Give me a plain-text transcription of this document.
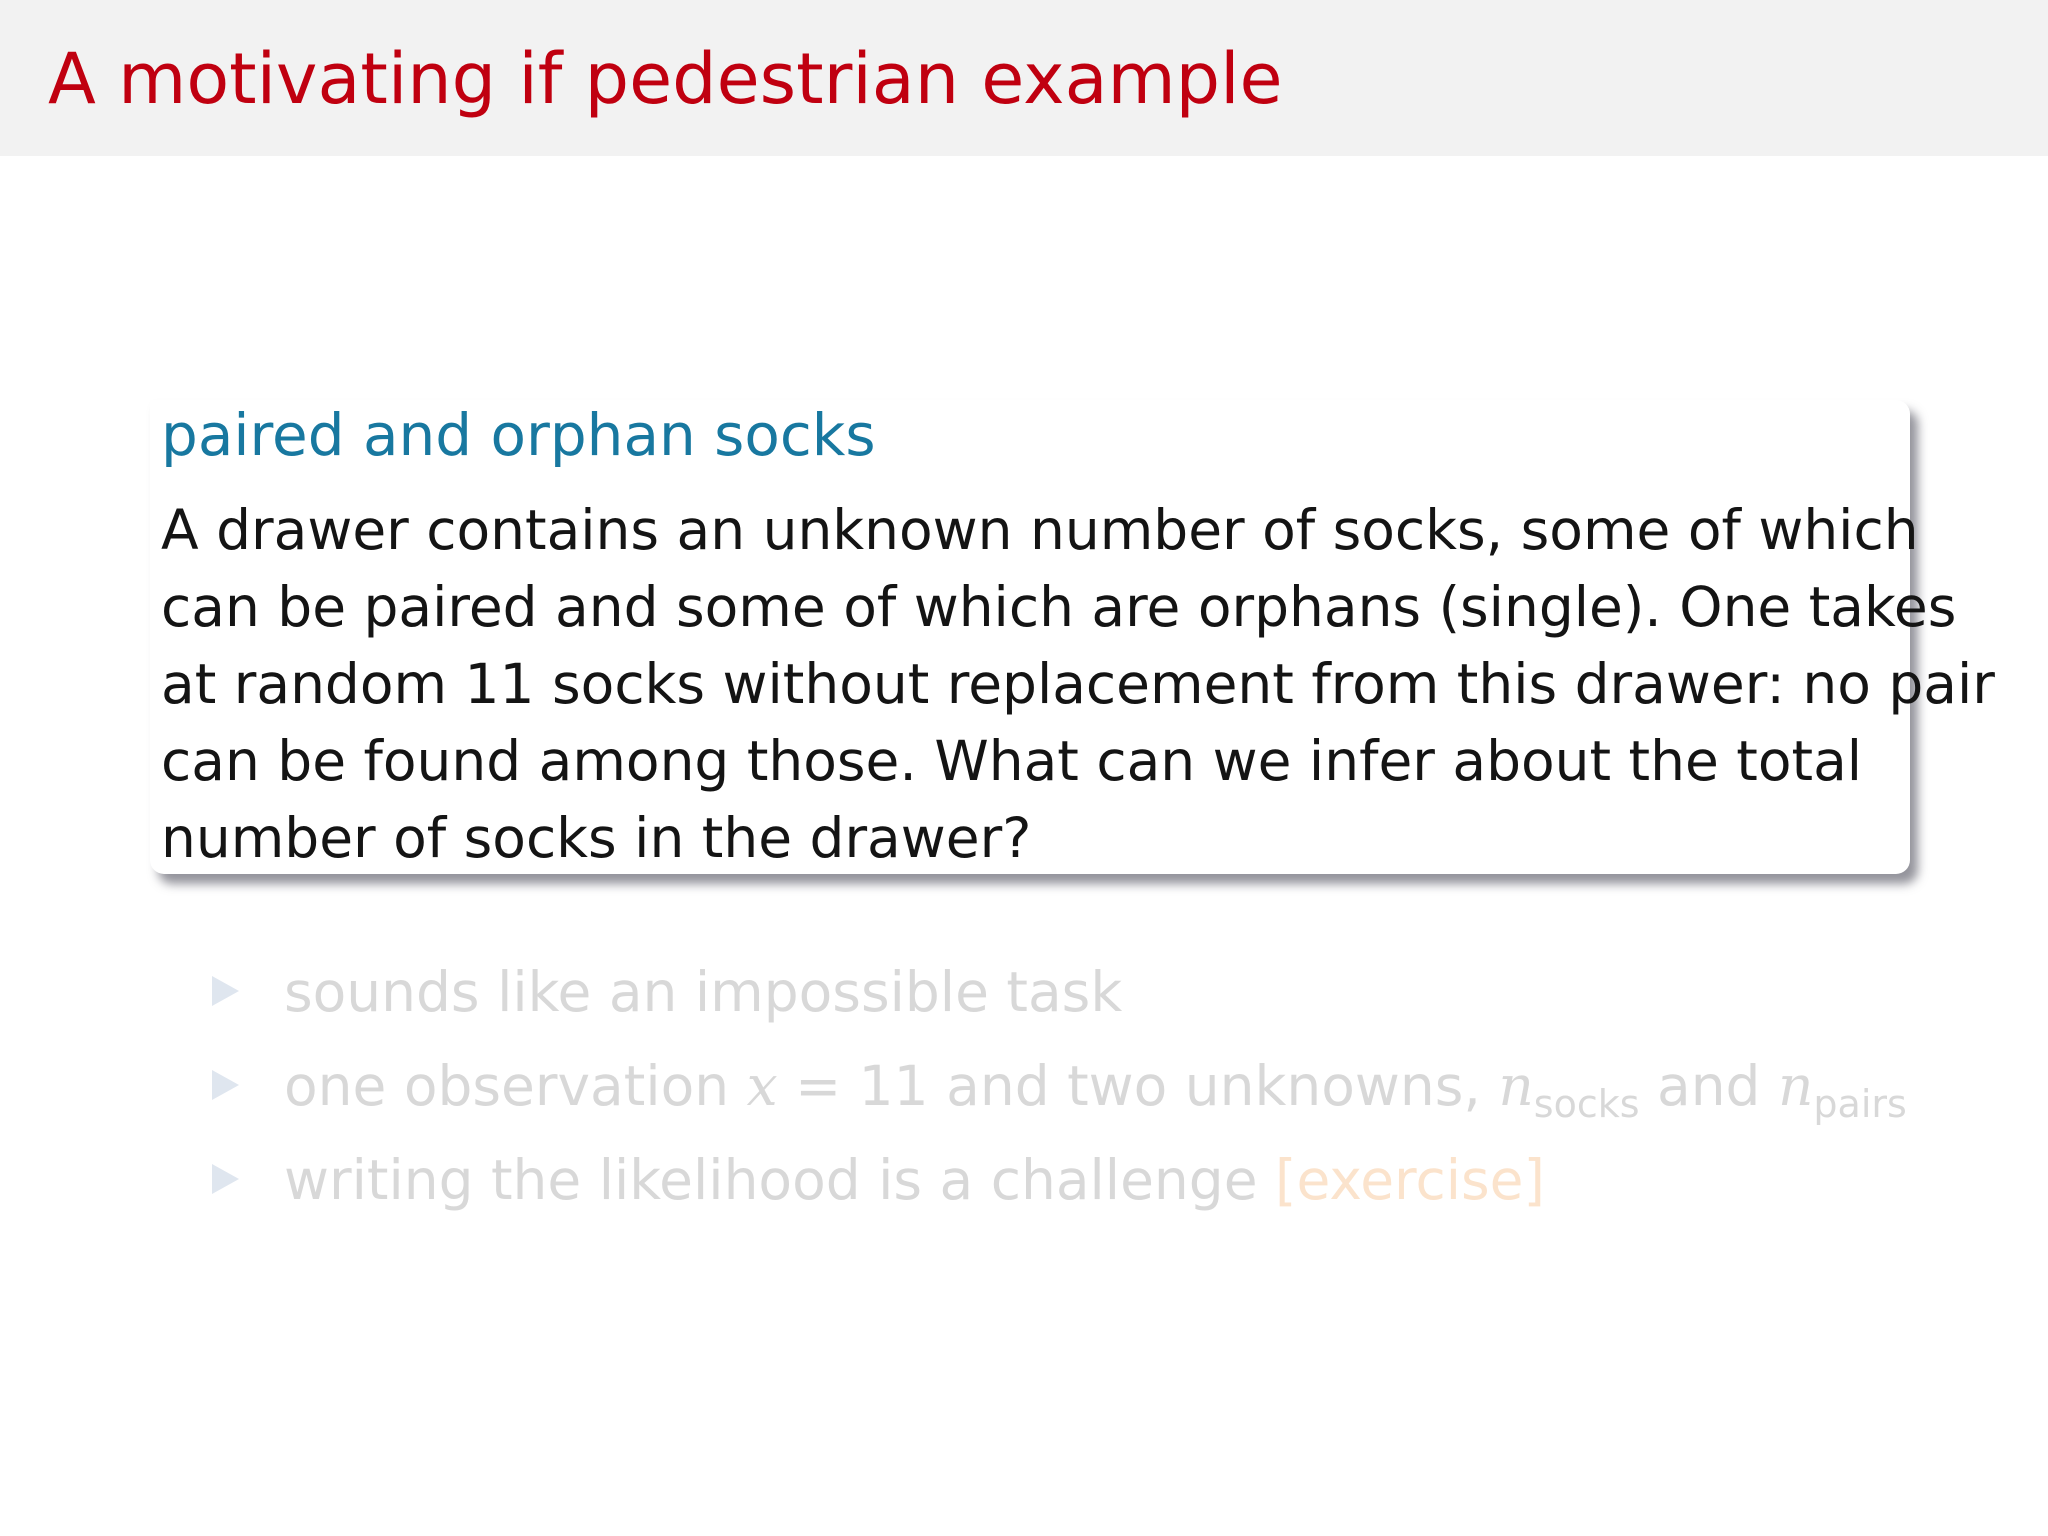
A motivating if pedestrian example
paired and orphan socks
A drawer contains an unknown number of socks, some of which
can be paired and some of which are orphans (single). One takes
at random 11 socks without replacement from this drawer: no pair
can be found among those. What can we infer about the total
number of socks in the drawer?
sounds like an impossible task
one observation x = 11 and two unknowns, $n_{socks}$ and $n_{pairs}$
writing the likelihood is a challenge [exercise]
